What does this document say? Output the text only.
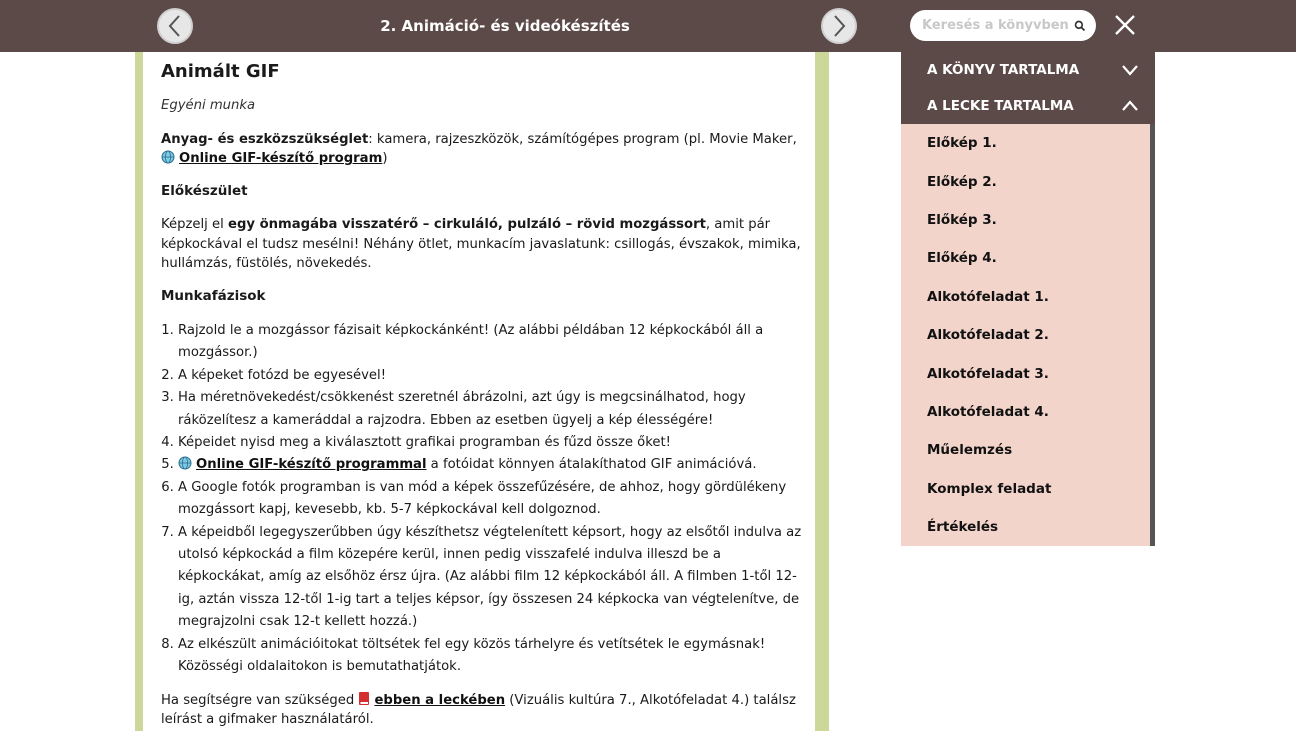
2. Animáció- és videókészítés
Keresés a könyvben
Animált GIF
Egyéni munka

Anyag- és eszközszükséglet: kamera, rajzeszközök, számítógépes program (pl. Movie Maker,
Online GIF-készítő program)

Előkészület

Képzelj el egy önmagába visszatérő – cirkuláló, pulzáló – rövid mozgássort, amit pár képkockával el tudsz mesélni! Néhány ötlet, munkacím javaslatunk: csillogás, évszakok, mimika, hullámzás, füstölés, növekedés.

Munkafázisok
1. Rajzold le a mozgássor fázisait képkockánként! (Az alábbi példában 12 képkockából áll a mozgássor.)
2. A képeket fotózd be egyesével!
3. Ha méretnövekedést/csökkenést szeretnél ábrázolni, azt úgy is megcsinálhatod, hogy ráközelítesz a kameráddal a rajzodra. Ebben az esetben ügyelj a kép élességére!
4. Képeidet nyisd meg a kiválasztott grafikai programban és fűzd össze őket!
5. Online GIF-készítő programmal a fotóidat könnyen átalakíthatod GIF animációvá.
6. A Google fotók programban is van mód a képek összefűzésére, de ahhoz, hogy gördülékeny mozgássort kapj, kevesebb, kb. 5-7 képkockával kell dolgoznod.
7. A képeidből legegyszerűbben úgy készíthetsz végtelenített képsort, hogy az elsőtől indulva az utolsó képkockád a film közepére kerül, innen pedig visszafelé indulva illeszd be a képkockákat, amíg az elsőhöz érsz újra. (Az alábbi film 12 képkockából áll. A filmben 1-től 12-ig, aztán vissza 12-től 1-ig tart a teljes képsor, így összesen 24 képkocka van végtelenítve, de megrajzolni csak 12-t kellett hozzá.)
8. Az elkészült animációitokat töltsétek fel egy közös tárhelyre és vetítsétek le egymásnak! Közösségi oldalaitokon is bemutathatjátok.

Ha segítségre van szükséged ebben a leckében (Vizuális kultúra 7., Alkotófeladat 4.) találsz leírást a gifmaker használatáról.

A KÖNYV TARTALMA
A LECKE TARTALMA
Előkép 1.
Előkép 2.
Előkép 3.
Előkép 4.
Alkotófeladat 1.
Alkotófeladat 2.
Alkotófeladat 3.
Alkotófeladat 4.
Műelemzés
Komplex feladat
Értékelés
